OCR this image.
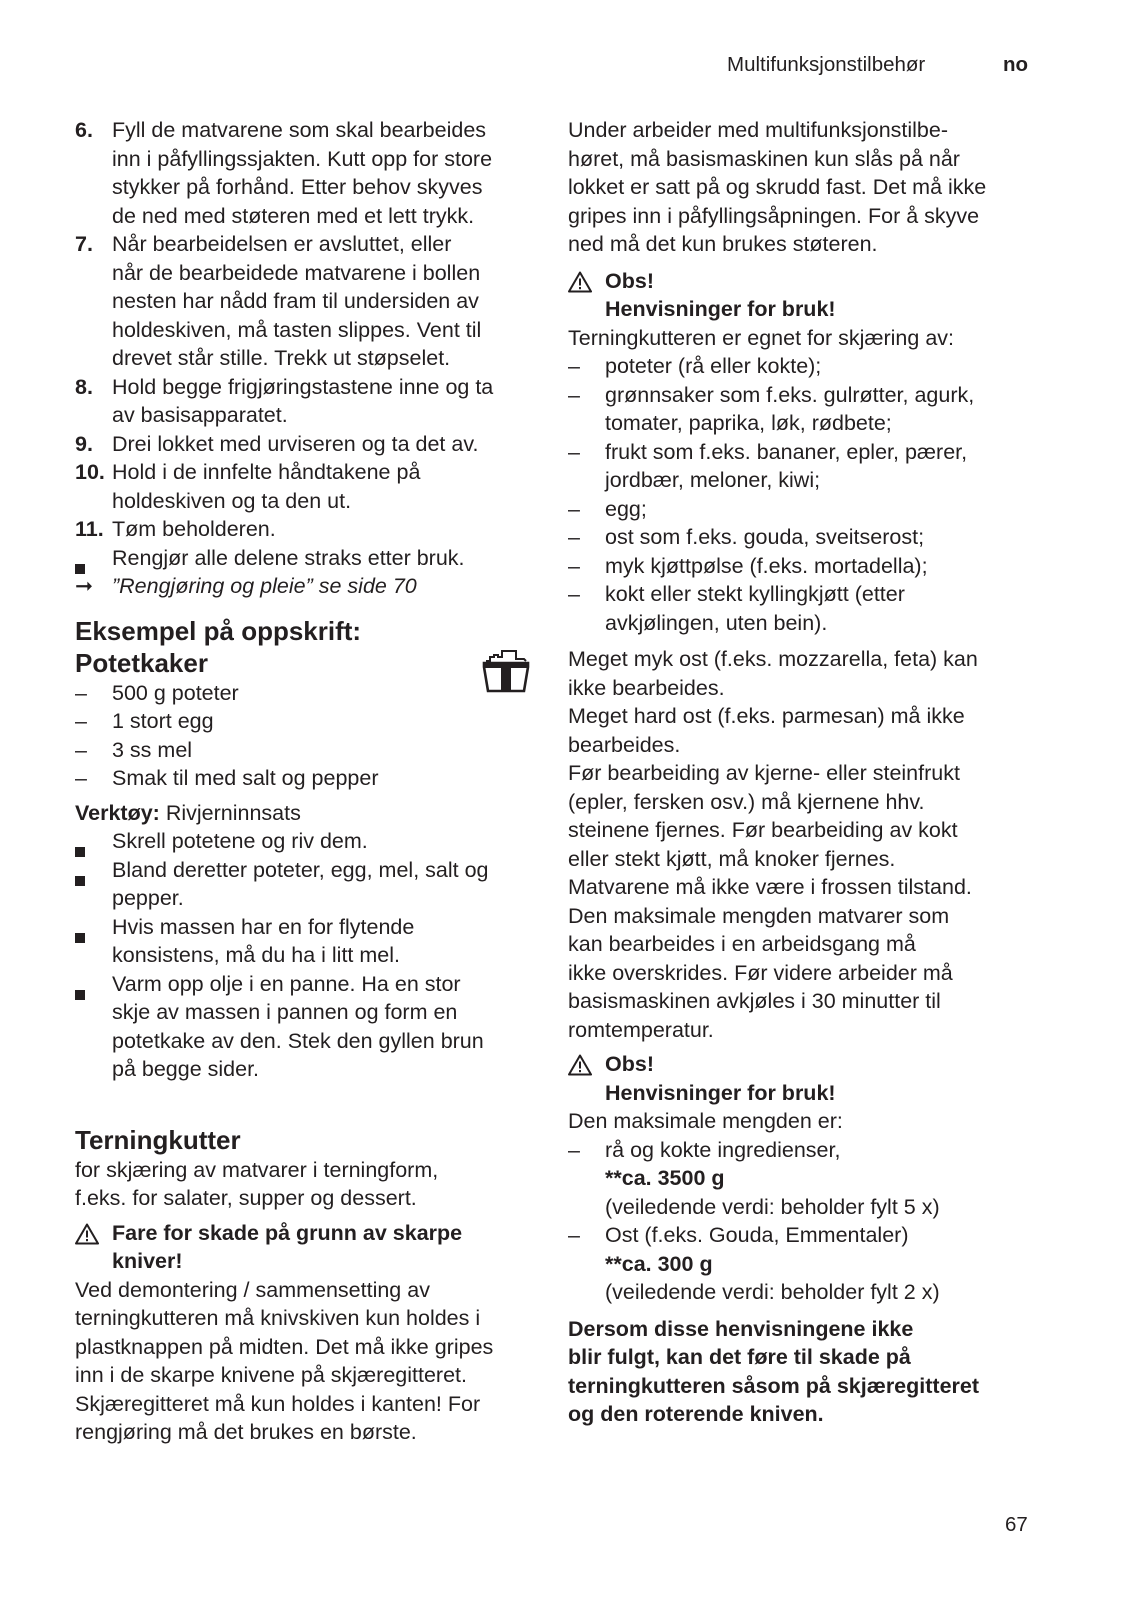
Multifunksjonstilbehør	no
6. Fyll de matvarene som skal bearbeides
inn i påfyllingssjakten. Kutt opp for store
stykker på forhånd. Etter behov skyves
de ned med støteren med et lett trykk.
7. Når bearbeidelsen er avsluttet, eller
når de bearbeidede matvarene i bollen
nesten har nådd fram til undersiden av
holdeskiven, må tasten slippes. Vent til
drevet står stille. Trekk ut støpselet.
8. Hold begge frigjøringstastene inne og ta
av basisapparatet.
9. Drei lokket med urviseren og ta det av.
10. Hold i de innfelte håndtakene på
holdeskiven og ta den ut.
11. Tøm beholderen.
Rengjør alle delene straks etter bruk.
➞ ”Rengjøring og pleie” se side 70
Eksempel på oppskrift:
Potetkaker
– 500 g poteter
– 1 stort egg
– 3 ss mel
– Smak til med salt og pepper
Verktøy: Rivjerninnsats
Skrell potetene og riv dem.
Bland deretter poteter, egg, mel, salt og
pepper.
Hvis massen har en for flytende
konsistens, må du ha i litt mel.
Varm opp olje i en panne. Ha en stor
skje av massen i pannen og form en
potetkake av den. Stek den gyllen brun
på begge sider.
Terningkutter
for skjæring av matvarer i terningform,
f.eks. for salater, supper og dessert.
Fare for skade på grunn av skarpe
kniver!
Ved demontering / sammensetting av
terningkutteren må knivskiven kun holdes i
plastknappen på midten. Det må ikke gripes
inn i de skarpe knivene på skjæregitteret.
Skjæregitteret må kun holdes i kanten! For
rengjøring må det brukes en børste.
Under arbeider med multifunksjonstilbe-
høret, må basismaskinen kun slås på når
lokket er satt på og skrudd fast. Det må ikke
gripes inn i påfyllingsåpningen. For å skyve
ned må det kun brukes støteren.
Obs!
Henvisninger for bruk!
Terningkutteren er egnet for skjæring av:
– poteter (rå eller kokte);
– grønnsaker som f.eks. gulrøtter, agurk,
tomater, paprika, løk, rødbete;
– frukt som f.eks. bananer, epler, pærer,
jordbær, meloner, kiwi;
– egg;
– ost som f.eks. gouda, sveitserost;
– myk kjøttpølse (f.eks. mortadella);
– kokt eller stekt kyllingkjøtt (etter
avkjølingen, uten bein).
Meget myk ost (f.eks. mozzarella, feta) kan
ikke bearbeides.
Meget hard ost (f.eks. parmesan) må ikke
bearbeides.
Før bearbeiding av kjerne- eller steinfrukt
(epler, fersken osv.) må kjernene hhv.
steinene fjernes. Før bearbeiding av kokt
eller stekt kjøtt, må knoker fjernes.
Matvarene må ikke være i frossen tilstand.
Den maksimale mengden matvarer som
kan bearbeides i en arbeidsgang må
ikke overskrides. Før videre arbeider må
basismaskinen avkjøles i 30 minutter til
romtemperatur.
Obs!
Henvisninger for bruk!
Den maksimale mengden er:
– rå og kokte ingredienser,
**ca. 3500 g
(veiledende verdi: beholder fylt 5 x)
– Ost (f.eks. Gouda, Emmentaler)
**ca. 300 g
(veiledende verdi: beholder fylt 2 x)
Dersom disse henvisningene ikke
blir fulgt, kan det føre til skade på
terningkutteren såsom på skjæregitteret
og den roterende kniven.
67
